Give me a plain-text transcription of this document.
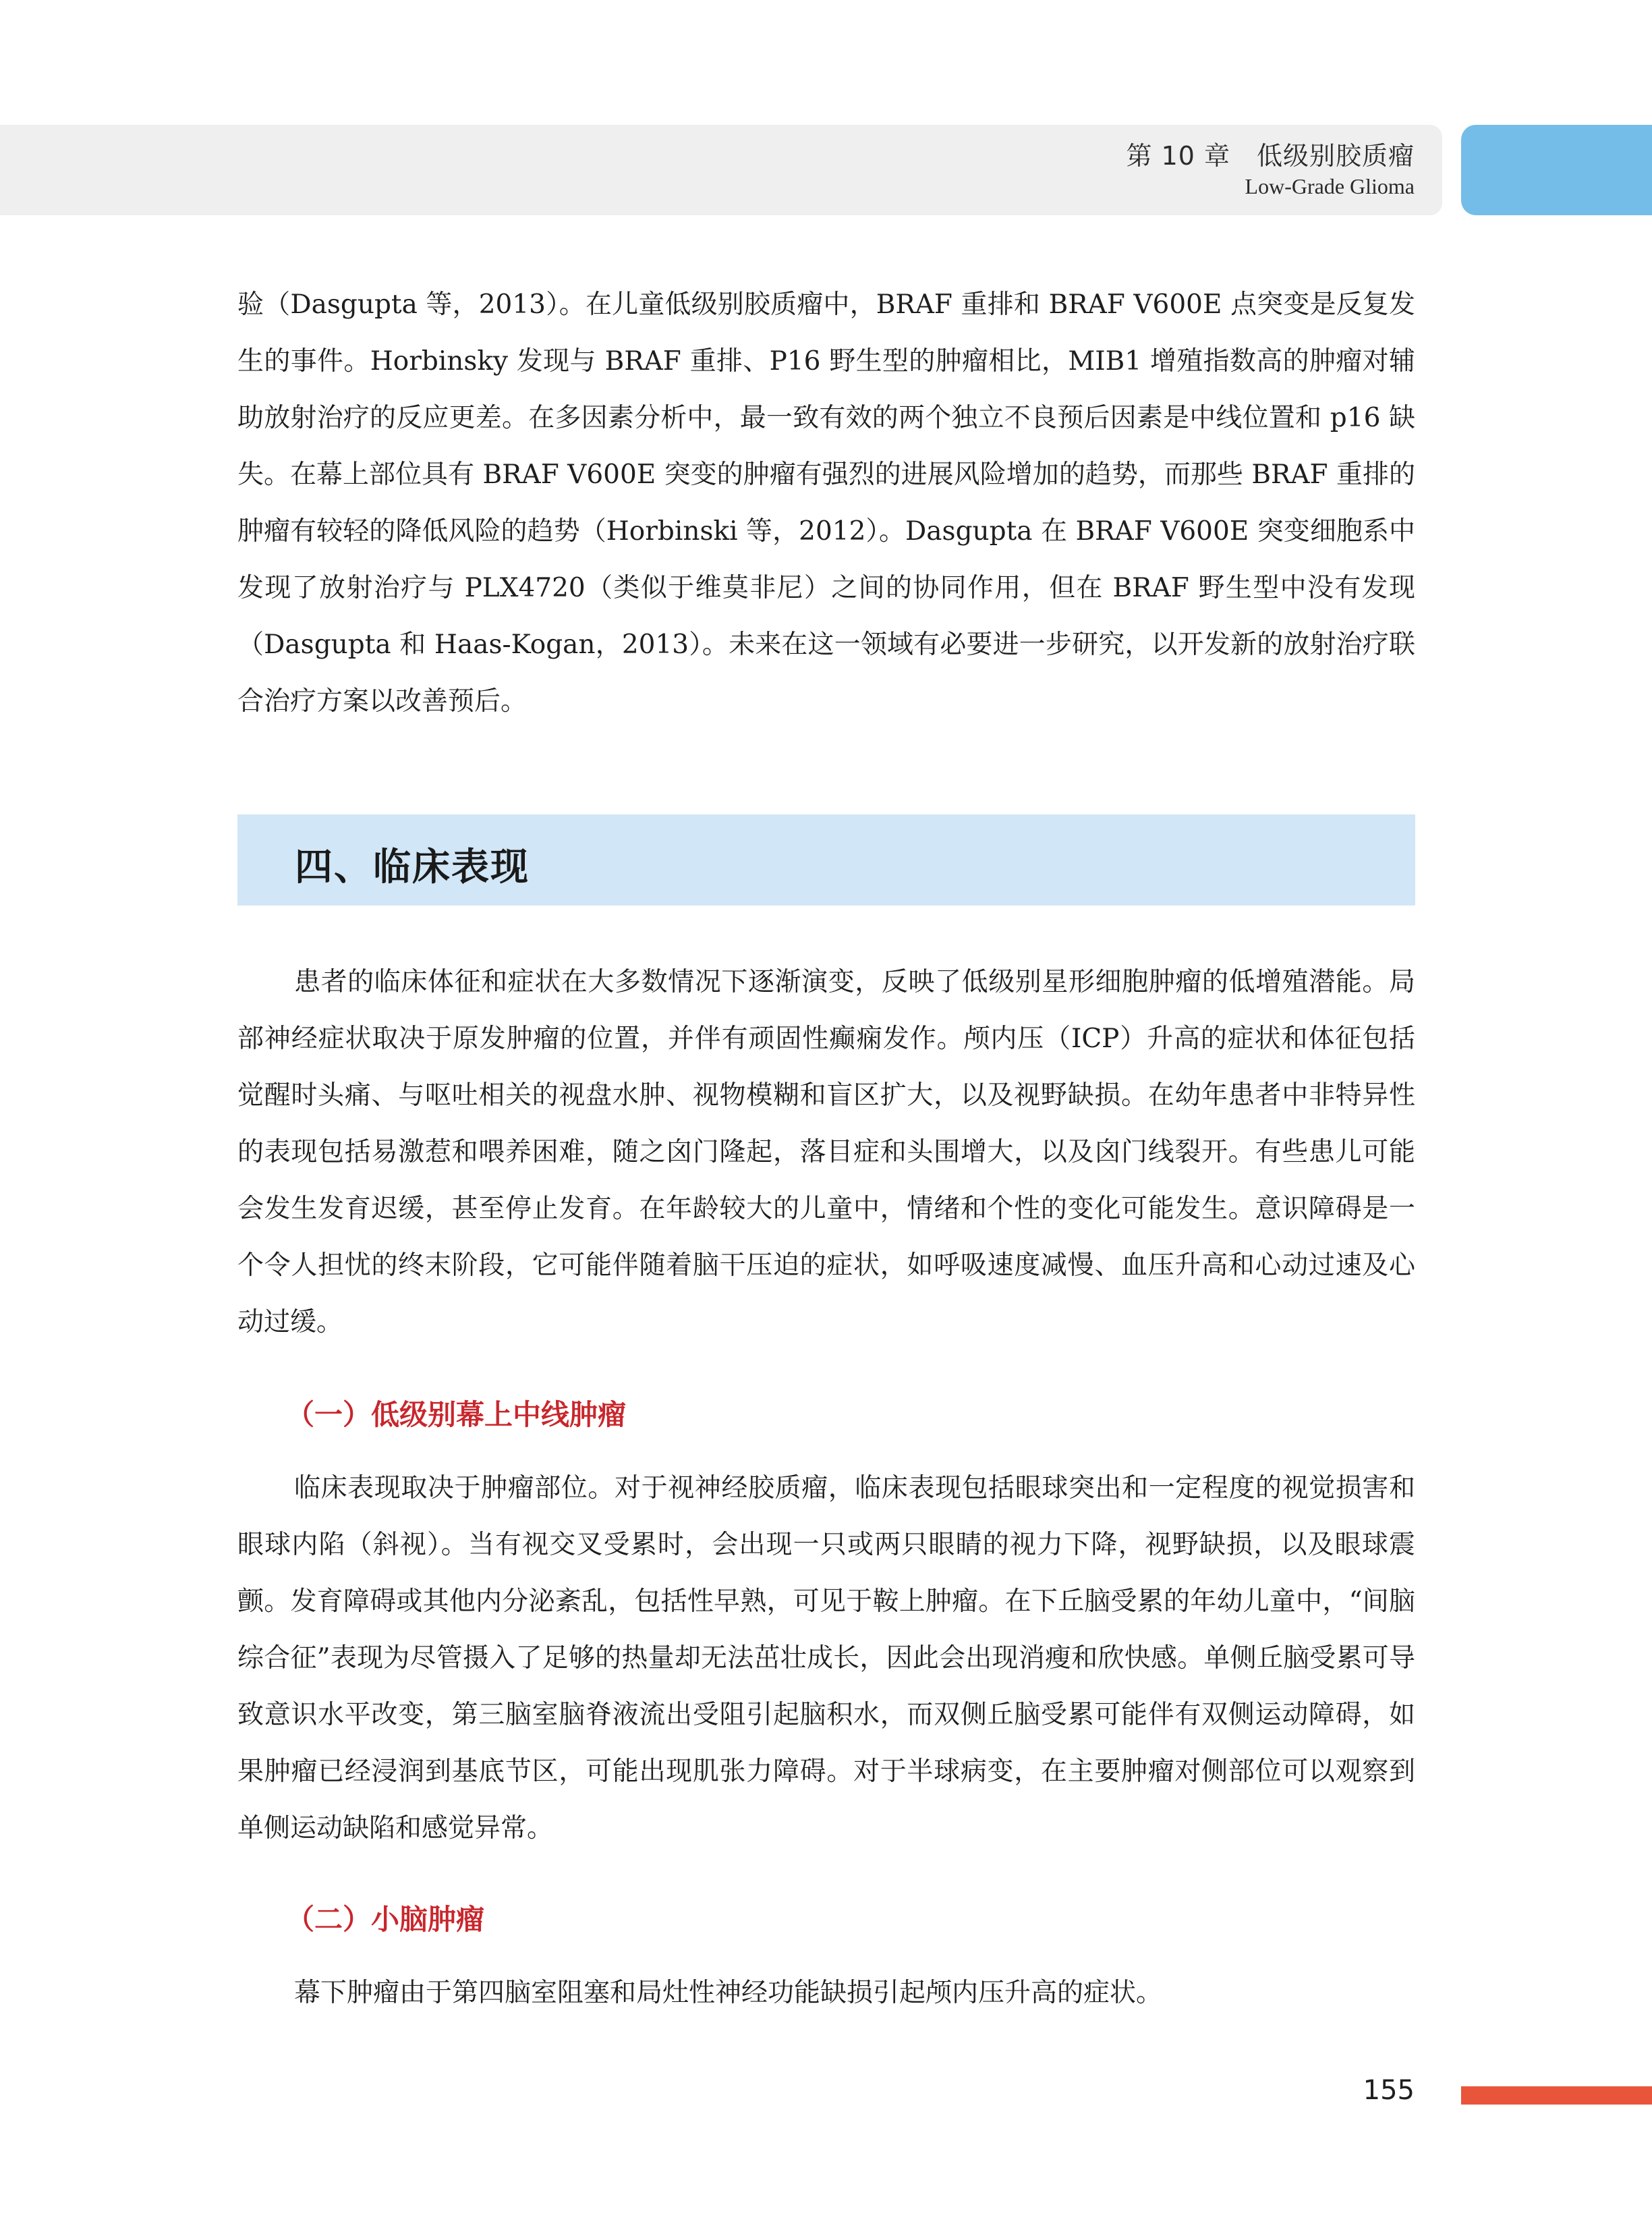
第 10 章　低级别胶质瘤
Low-Grade Glioma

验（Dasgupta 等，2013）。在儿童低级别胶质瘤中，BRAF 重排和 BRAF V600E 点突变是反复发生的事件。Horbinsky 发现与 BRAF 重排、P16 野生型的肿瘤相比，MIB1 增殖指数高的肿瘤对辅助放射治疗的反应更差。在多因素分析中，最一致有效的两个独立不良预后因素是中线位置和 p16 缺失。在幕上部位具有 BRAF V600E 突变的肿瘤有强烈的进展风险增加的趋势，而那些 BRAF 重排的肿瘤有较轻的降低风险的趋势（Horbinski 等，2012）。Dasgupta 在 BRAF V600E 突变细胞系中发现了放射治疗与 PLX4720（类似于维莫非尼）之间的协同作用，但在 BRAF 野生型中没有发现（Dasgupta 和 Haas-Kogan，2013）。未来在这一领域有必要进一步研究，以开发新的放射治疗联合治疗方案以改善预后。

四、临床表现

患者的临床体征和症状在大多数情况下逐渐演变，反映了低级别星形细胞肿瘤的低增殖潜能。局部神经症状取决于原发肿瘤的位置，并伴有顽固性癫痫发作。颅内压（ICP）升高的症状和体征包括觉醒时头痛、与呕吐相关的视盘水肿、视物模糊和盲区扩大，以及视野缺损。在幼年患者中非特异性的表现包括易激惹和喂养困难，随之囟门隆起，落目症和头围增大，以及囟门线裂开。有些患儿可能会发生发育迟缓，甚至停止发育。在年龄较大的儿童中，情绪和个性的变化可能发生。意识障碍是一个令人担忧的终末阶段，它可能伴随着脑干压迫的症状，如呼吸速度减慢、血压升高和心动过速及心动过缓。

（一）低级别幕上中线肿瘤

临床表现取决于肿瘤部位。对于视神经胶质瘤，临床表现包括眼球突出和一定程度的视觉损害和眼球内陷（斜视）。当有视交叉受累时，会出现一只或两只眼睛的视力下降，视野缺损，以及眼球震颤。发育障碍或其他内分泌紊乱，包括性早熟，可见于鞍上肿瘤。在下丘脑受累的年幼儿童中，“间脑综合征”表现为尽管摄入了足够的热量却无法茁壮成长，因此会出现消瘦和欣快感。单侧丘脑受累可导致意识水平改变，第三脑室脑脊液流出受阻引起脑积水，而双侧丘脑受累可能伴有双侧运动障碍，如果肿瘤已经浸润到基底节区，可能出现肌张力障碍。对于半球病变，在主要肿瘤对侧部位可以观察到单侧运动缺陷和感觉异常。

（二）小脑肿瘤

幕下肿瘤由于第四脑室阻塞和局灶性神经功能缺损引起颅内压升高的症状。

155
